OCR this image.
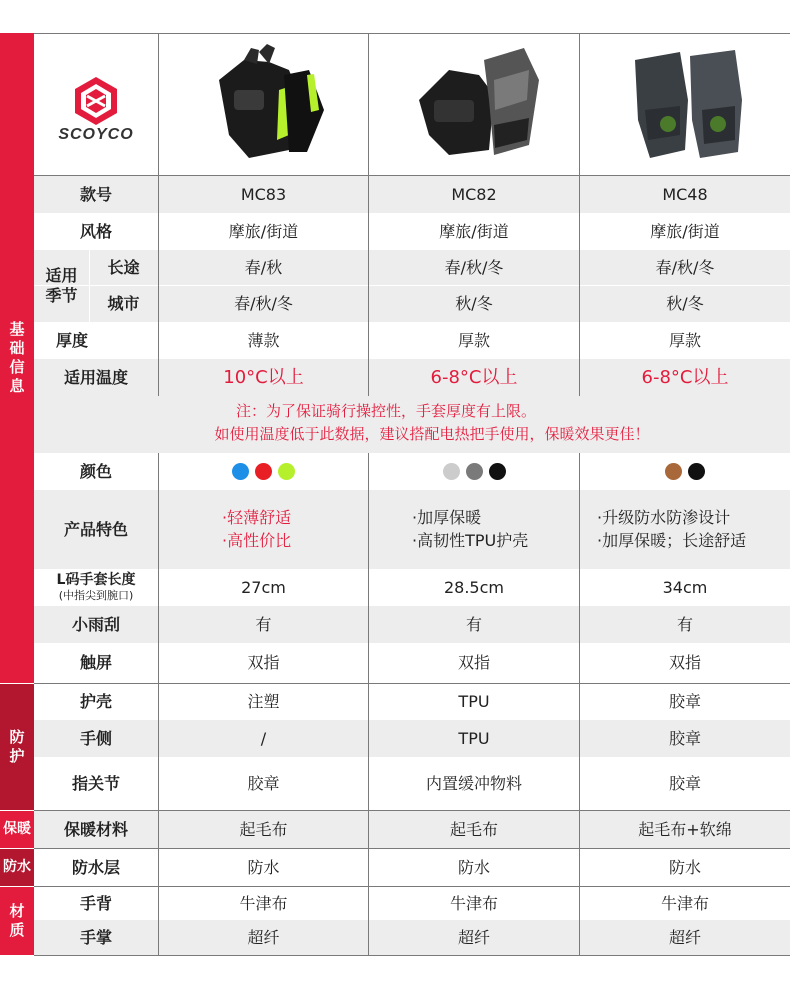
基
础
信
息
防
护
保暖
防水
材
质
SCOYCO
款号
风格
适用
季节
长途
城市
厚度
适用温度
颜色
产品特色
L码手套长度
(中指尖到腕口)
小雨刮
触屏
护壳
手侧
指关节
保暖材料
防水层
手背
手掌
注：为了保证骑行操控性，手套厚度有上限。
如使用温度低于此数据，建议搭配电热把手使用，保暖效果更佳！
MC83
摩旅/街道
春/秋
春/秋/冬
薄款
10°C以上
27cm
有
双指
注塑
/
胶章
起毛布
防水
牛津布
超纤
·轻薄舒适
·高性价比
MC82
摩旅/街道
春/秋/冬
秋/冬
厚款
6-8°C以上
28.5cm
有
双指
TPU
TPU
内置缓冲物料
起毛布
防水
牛津布
超纤
·加厚保暖
·高韧性TPU护壳
MC48
摩旅/街道
春/秋/冬
秋/冬
厚款
6-8°C以上
34cm
有
双指
胶章
胶章
胶章
起毛布+软绵
防水
牛津布
超纤
·升级防水防渗设计
·加厚保暖；长途舒适
